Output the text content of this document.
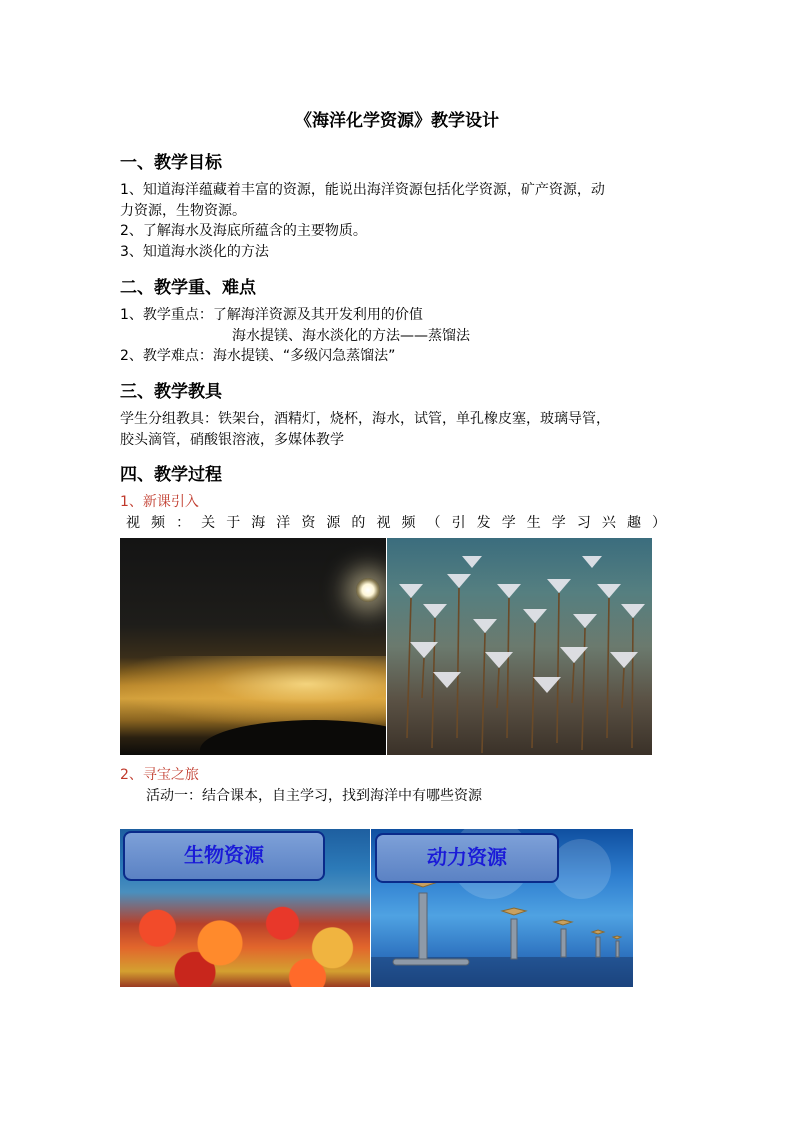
《海洋化学资源》教学设计
一、教学目标
1、知道海洋蕴藏着丰富的资源，能说出海洋资源包括化学资源，矿产资源，动
力资源，生物资源。
2、了解海水及海底所蕴含的主要物质。
3、知道海水淡化的方法
二、教学重、难点
1、教学重点：了解海洋资源及其开发利用的价值
海水提镁、海水淡化的方法——蒸馏法
2、教学难点：海水提镁、“多级闪急蒸馏法”
三、教学教具
学生分组教具：铁架台，酒精灯，烧杯，海水，试管，单孔橡皮塞，玻璃导管，
胶头滴管，硝酸银溶液，多媒体教学
四、教学过程
1、新课引入
视 频 ： 关 于 海 洋 资 源 的 视 频 （ 引 发 学 生 学 习 兴 趣 ）
2、寻宝之旅
活动一：结合课本，自主学习，找到海洋中有哪些资源
生物资源	动力资源
